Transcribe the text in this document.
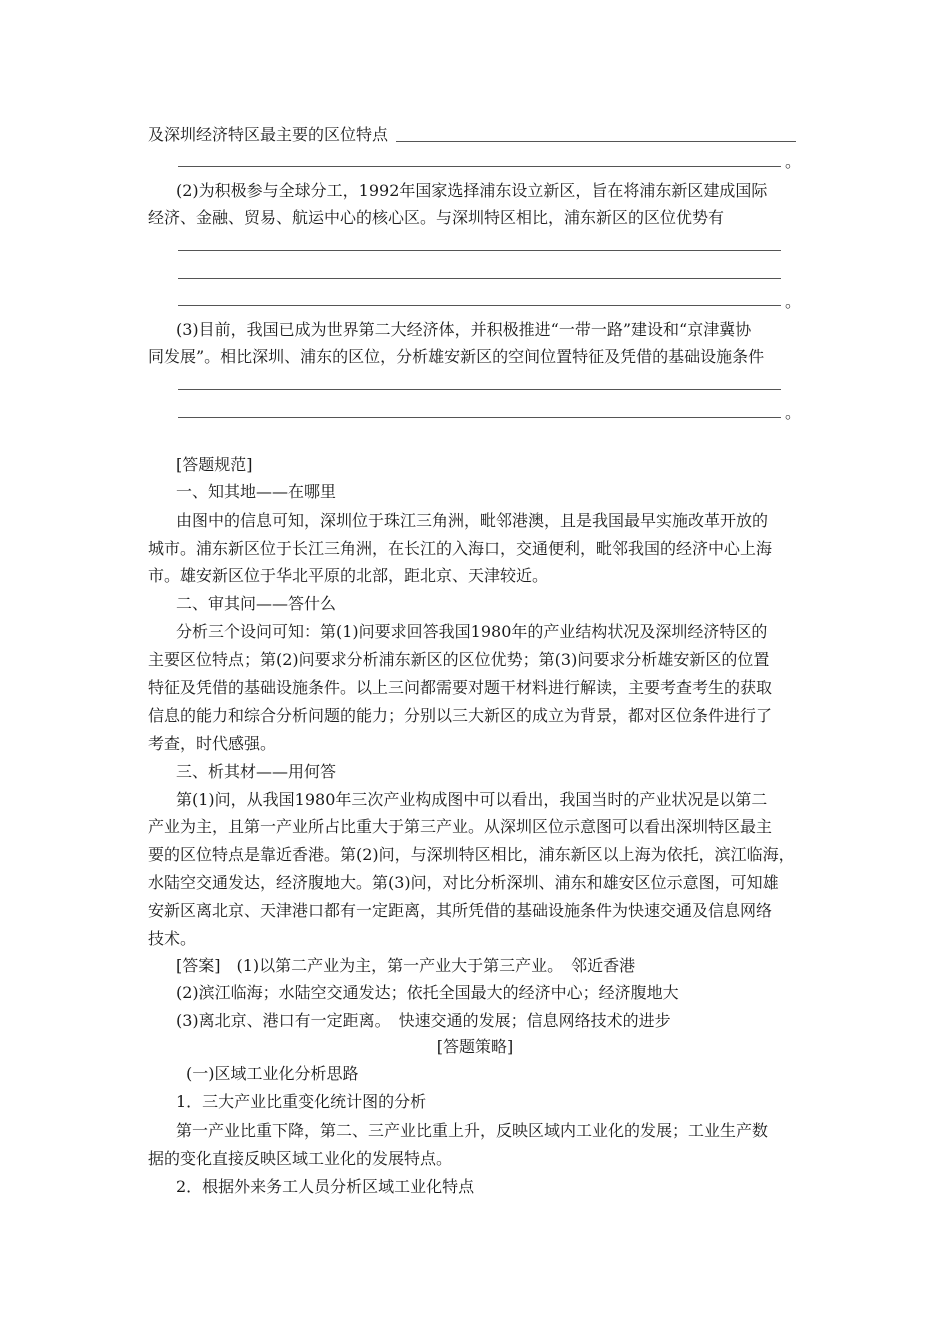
及深圳经济特区最主要的区位特点
。
(2)为积极参与全球分工，1992年国家选择浦东设立新区，旨在将浦东新区建成国际
经济、金融、贸易、航运中心的核心区。与深圳特区相比，浦东新区的区位优势有
。
(3)目前，我国已成为世界第二大经济体，并积极推进“一带一路”建设和“京津冀协
同发展”。相比深圳、浦东的区位，分析雄安新区的空间位置特征及凭借的基础设施条件
。
[答题规范]
一、知其地——在哪里
由图中的信息可知，深圳位于珠江三角洲，毗邻港澳，且是我国最早实施改革开放的
城市。浦东新区位于长江三角洲，在长江的入海口，交通便利，毗邻我国的经济中心上海
市。雄安新区位于华北平原的北部，距北京、天津较近。
二、审其问——答什么
分析三个设问可知：第(1)问要求回答我国1980年的产业结构状况及深圳经济特区的
主要区位特点；第(2)问要求分析浦东新区的区位优势；第(3)问要求分析雄安新区的位置
特征及凭借的基础设施条件。以上三问都需要对题干材料进行解读，主要考查考生的获取
信息的能力和综合分析问题的能力；分别以三大新区的成立为背景，都对区位条件进行了
考查，时代感强。
三、析其材——用何答
第(1)问，从我国1980年三次产业构成图中可以看出，我国当时的产业状况是以第二
产业为主，且第一产业所占比重大于第三产业。从深圳区位示意图可以看出深圳特区最主
要的区位特点是靠近香港。第(2)问，与深圳特区相比，浦东新区以上海为依托，滨江临海，
水陆空交通发达，经济腹地大。第(3)问，对比分析深圳、浦东和雄安区位示意图，可知雄
安新区离北京、天津港口都有一定距离，其所凭借的基础设施条件为快速交通及信息网络
技术。
[答案]　(1)以第二产业为主，第一产业大于第三产业。　邻近香港
(2)滨江临海；水陆空交通发达；依托全国最大的经济中心；经济腹地大
(3)离北京、港口有一定距离。　快速交通的发展；信息网络技术的进步
[答题策略]
(一)区域工业化分析思路
1．三大产业比重变化统计图的分析
第一产业比重下降，第二、三产业比重上升，反映区域内工业化的发展；工业生产数
据的变化直接反映区域工业化的发展特点。
2．根据外来务工人员分析区域工业化特点
